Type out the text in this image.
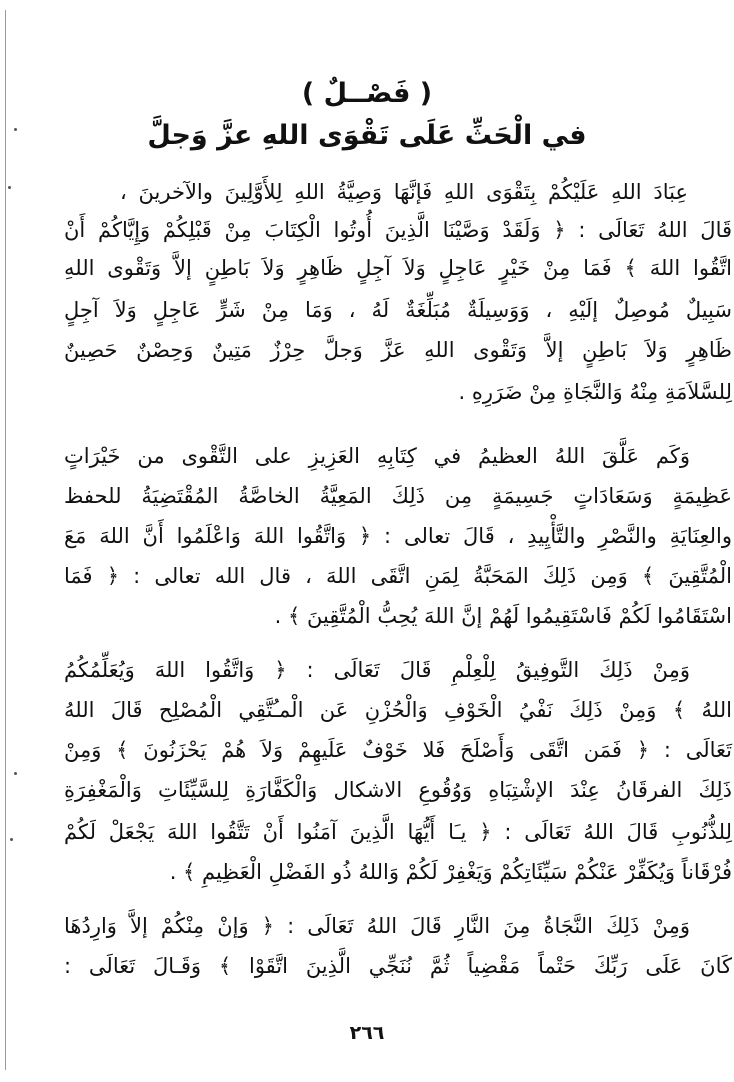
( فَصْــلٌ )
في الْحَثِّ عَلَى تَقْوَى اللهِ عزَّ وَجلَّ
عِبَادَ اللهِ عَلَيْكُمْ بِتَقْوَى اللهِ فَإنَّهَا وَصِيَّةُ اللهِ لِلأَوَّلِينَ والآخرينَ ،
قَالَ اللهُ تَعَالَى : ﴿ وَلَقَدْ وَصَّيْنَا الَّذِينَ أُوتُوا الْكِتَابَ مِنْ قَبْلِكُمْ وَإِيَّاكُمْ أَنْ
اتَّقُوا اللهَ ﴾ فَمَا مِنْ خَيْرٍ عَاجِلٍ وَلاَ آجِلٍ ظَاهِرٍ وَلاَ بَاطِنٍ إلاَّ وَتَقْوى اللهِ
سَبِيلٌ مُوصِلٌ إلَيْهِ ، وَوَسِيلَةٌ مُبَلِّغَةٌ لَهُ ، وَمَا مِنْ شَرٍّ عَاجِلٍ وَلاَ آجِلٍ
ظَاهِرٍ وَلاَ بَاطِنٍ إلاَّ وَتَقْوى اللهِ عَزَّ وَجلَّ حِرْزٌ مَتِينٌ وَحِصْنٌ حَصِينٌ
لِلسَّلاَمَةِ مِنْهُ وَالنَّجَاةِ مِنْ ضَرَرِهِ .
وَكَم عَلَّقَ اللهُ العظيمُ في كِتَابِهِ العَزِيزِ على التَّقْوى من خَيْرَاتٍ
عَظِيمَةٍ وَسَعَادَاتٍ جَسِيمَةٍ مِن ذَلِكَ المَعِيَّةُ الخاصَّةُ المُقْتَضِيَةُ للحفظ
والعِنَايَةِ والنَّصْرِ والتَّأْيِيدِ ، قَالَ تعالى : ﴿ وَاتَّقُوا اللهَ وَاعْلَمُوا أَنَّ اللهَ مَعَ
الْمُتَّقِينَ ﴾ وَمِن ذَلِكَ المَحَبَّةُ لِمَنِ اتَّقَى اللهَ ، قال الله تعالى : ﴿ فَمَا
اسْتَقَامُوا لَكُمْ فَاسْتَقِيمُوا لَهُمْ إنَّ اللهَ يُحِبُّ الْمُتَّقِينَ ﴾ .
وَمِنْ ذَلِكَ التَّوفِيقُ لِلْعِلْمِ قَالَ تَعَالَى : ﴿ وَاتَّقُوا اللهَ وَيُعَلِّمُكُمُ
اللهُ ﴾ وَمِنْ ذَلِكَ نَفْيُ الْخَوْفِ وَالْحُزْنِ عَن الْمـُتَّقِي الْمُصْلِح قَالَ اللهُ
تَعَالَى : ﴿ فَمَن اتَّقَى وَأَصْلَحَ فَلا خَوْفٌ عَلَيهِمْ وَلاَ هُمْ يَحْزَنُونَ ﴾ وَمِنْ
ذَلِكَ الفرقَانُ عِنْدَ الإشْتِبَاهِ وَوُقُوعِ الاشكال وَالْكَفَّارَةِ لِلسَّيِّئَاتِ وَالْمَغْفِرَةِ
لِلذُّنُوبِ قَالَ اللهُ تَعَالَى : ﴿ يـَا أَيُّهَا الَّذِينَ آمَنُوا أَنْ تَتَّقُوا اللهَ يَجْعَلْ لَكُمْ
فُرْقَاناً وَيُكَفِّرْ عَنْكُمْ سَيِّئَاتِكُمْ وَيَغْفِرْ لَكُمْ وَاللهُ ذُو الفَضْلِ الْعَظِيمِ ﴾ .
وَمِنْ ذَلِكَ النَّجَاةُ مِنَ النَّارِ قَالَ اللهُ تَعَالَى : ﴿ وَإنْ مِنْكُمْ إلاَّ وَارِدُهَا
كَانَ عَلَى رَبِّكَ حَتْماً مَقْضِياً ثُمَّ نُنَجِّي الَّذِينَ اتَّقَوْا ﴾ وَقَـالَ تَعَالَى :
٢٦٦
